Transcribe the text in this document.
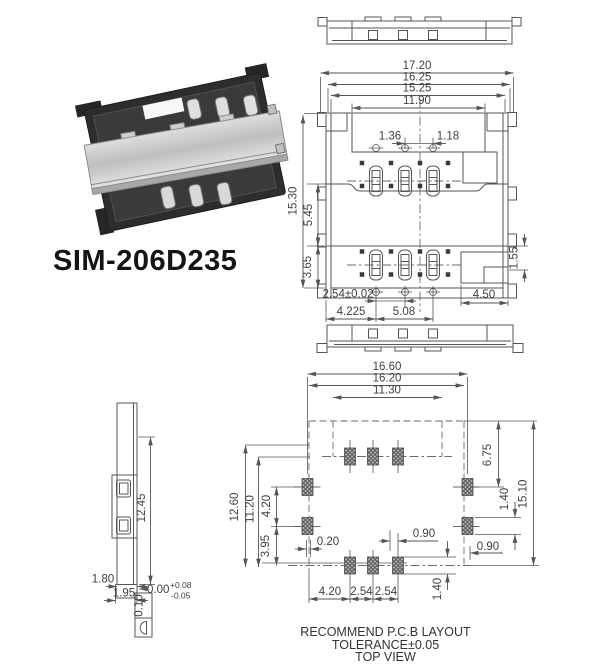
17.20
16.25
15.25
11.90
1.36	1.18
15.30 5.45
3.65	1.55
4.50
2.54±0.02
4.225 5.08
12.45
1.80
1.95
0.10
0.00 +0.08
-0.05
16.60
16.20
11.30
12.60 11.20 4.20
3.95	0.20
6.75
1.40 15.10
0.90
0.90
1.40
4.20 2.54 2.54
SIM-206D235
RECOMMEND P.C.B LAYOUT
TOLERANCE±0.05
TOP VIEW
